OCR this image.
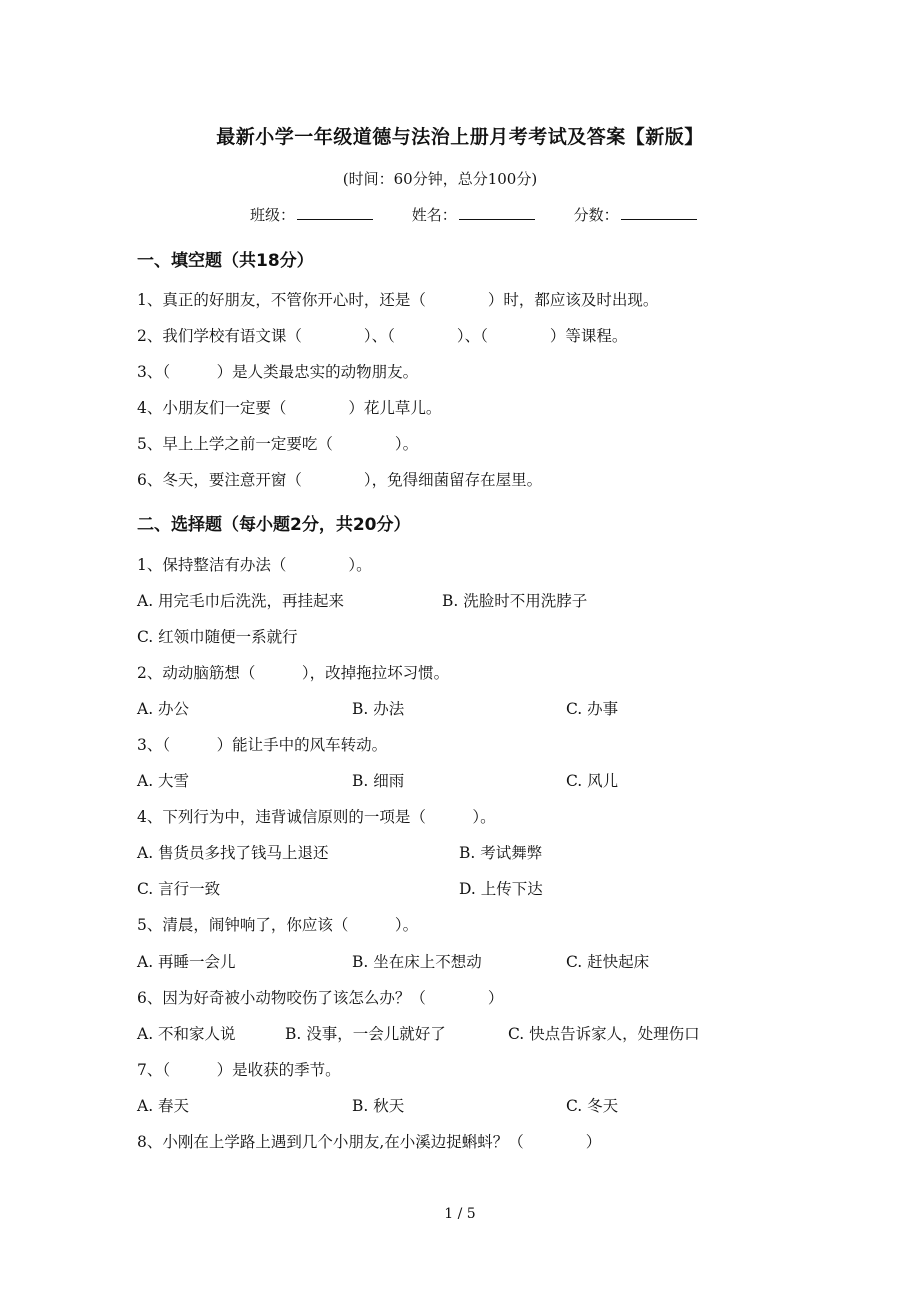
最新小学一年级道德与法治上册月考考试及答案【新版】
(时间：60分钟，总分100分)
班级：	姓名：	分数：
一、填空题（共18分）
1、真正的好朋友，不管你开心时，还是（　　　　）时，都应该及时出现。
2、我们学校有语文课（　　　　）、（　　　　）、（　　　　）等课程。
3、（　　　）是人类最忠实的动物朋友。
4、小朋友们一定要（　　　　）花儿草儿。
5、早上上学之前一定要吃（　　　　）。
6、冬天，要注意开窗（　　　　），免得细菌留存在屋里。
二、选择题（每小题2分，共20分）
1、保持整洁有办法（　　　　）。
A. 用完毛巾后洗洗，再挂起来	B. 洗脸时不用洗脖子
C. 红领巾随便一系就行
2、动动脑筋想（　　　），改掉拖拉坏习惯。
A. 办公	B. 办法	C. 办事
3、（　　　）能让手中的风车转动。
A. 大雪	B. 细雨	C. 风儿
4、下列行为中，违背诚信原则的一项是（　　　）。
A. 售货员多找了钱马上退还	B. 考试舞弊
C. 言行一致	D. 上传下达
5、清晨，闹钟响了，你应该（　　　）。
A. 再睡一会儿	B. 坐在床上不想动	C. 赶快起床
6、因为好奇被小动物咬伤了该怎么办？（　　　　）
A. 不和家人说	B. 没事，一会儿就好了	C. 快点告诉家人，处理伤口
7、（　　　）是收获的季节。
A. 春天	B. 秋天	C. 冬天
8、小刚在上学路上遇到几个小朋友,在小溪边捉蝌蚪？（　　　　）
1 / 5
